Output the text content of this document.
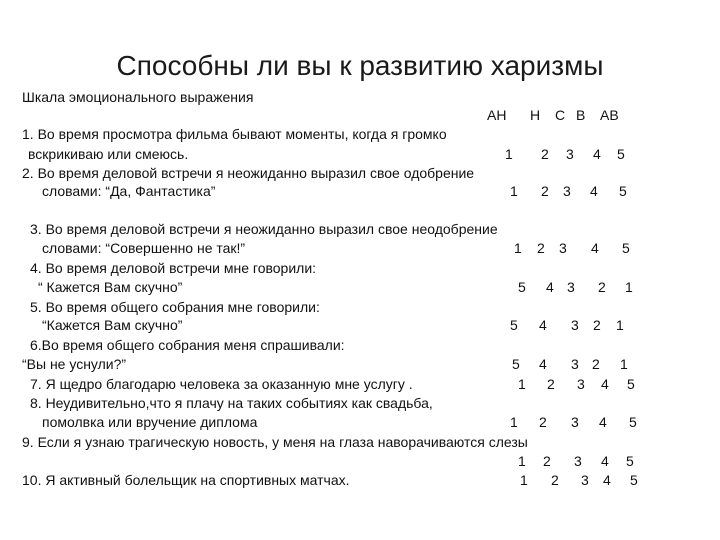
Способны ли вы к развитию харизмы
Шкала эмоционального выражения
АН Н С В АВ
1. Во время просмотра фильма бывают моменты, когда я громко
вскрикиваю или смеюсь.	1 2 3 4 5
2. Во время деловой встречи я неожиданно выразил свое одобрение
словами: “Да, Фантастика”	1 2 3 4 5
3. Во время деловой встречи я неожиданно выразил свое неодобрение
словами: “Совершенно не так!”	1 2 3 4 5
4. Во время деловой встречи мне говорили:
“ Кажется Вам скучно”	5 4 3 2 1
5. Во время общего собрания мне говорили:
“Кажется Вам скучно”	5 4 3 2 1
6.Во время общего собрания меня спрашивали:
“Вы не уснули?”	5 4 3 2 1
7. Я щедро благодарю человека за оказанную мне услугу .	1 2 3 4 5
8. Неудивительно,что я плачу на таких событиях как свадьба,
помолвка или вручение диплома	1 2 3 4 5
9. Если я узнаю трагическую новость, у меня на глаза наворачиваются слезы
1 2 3 4 5
10. Я активный болельщик на спортивных матчах.	1 2 3 4 5
